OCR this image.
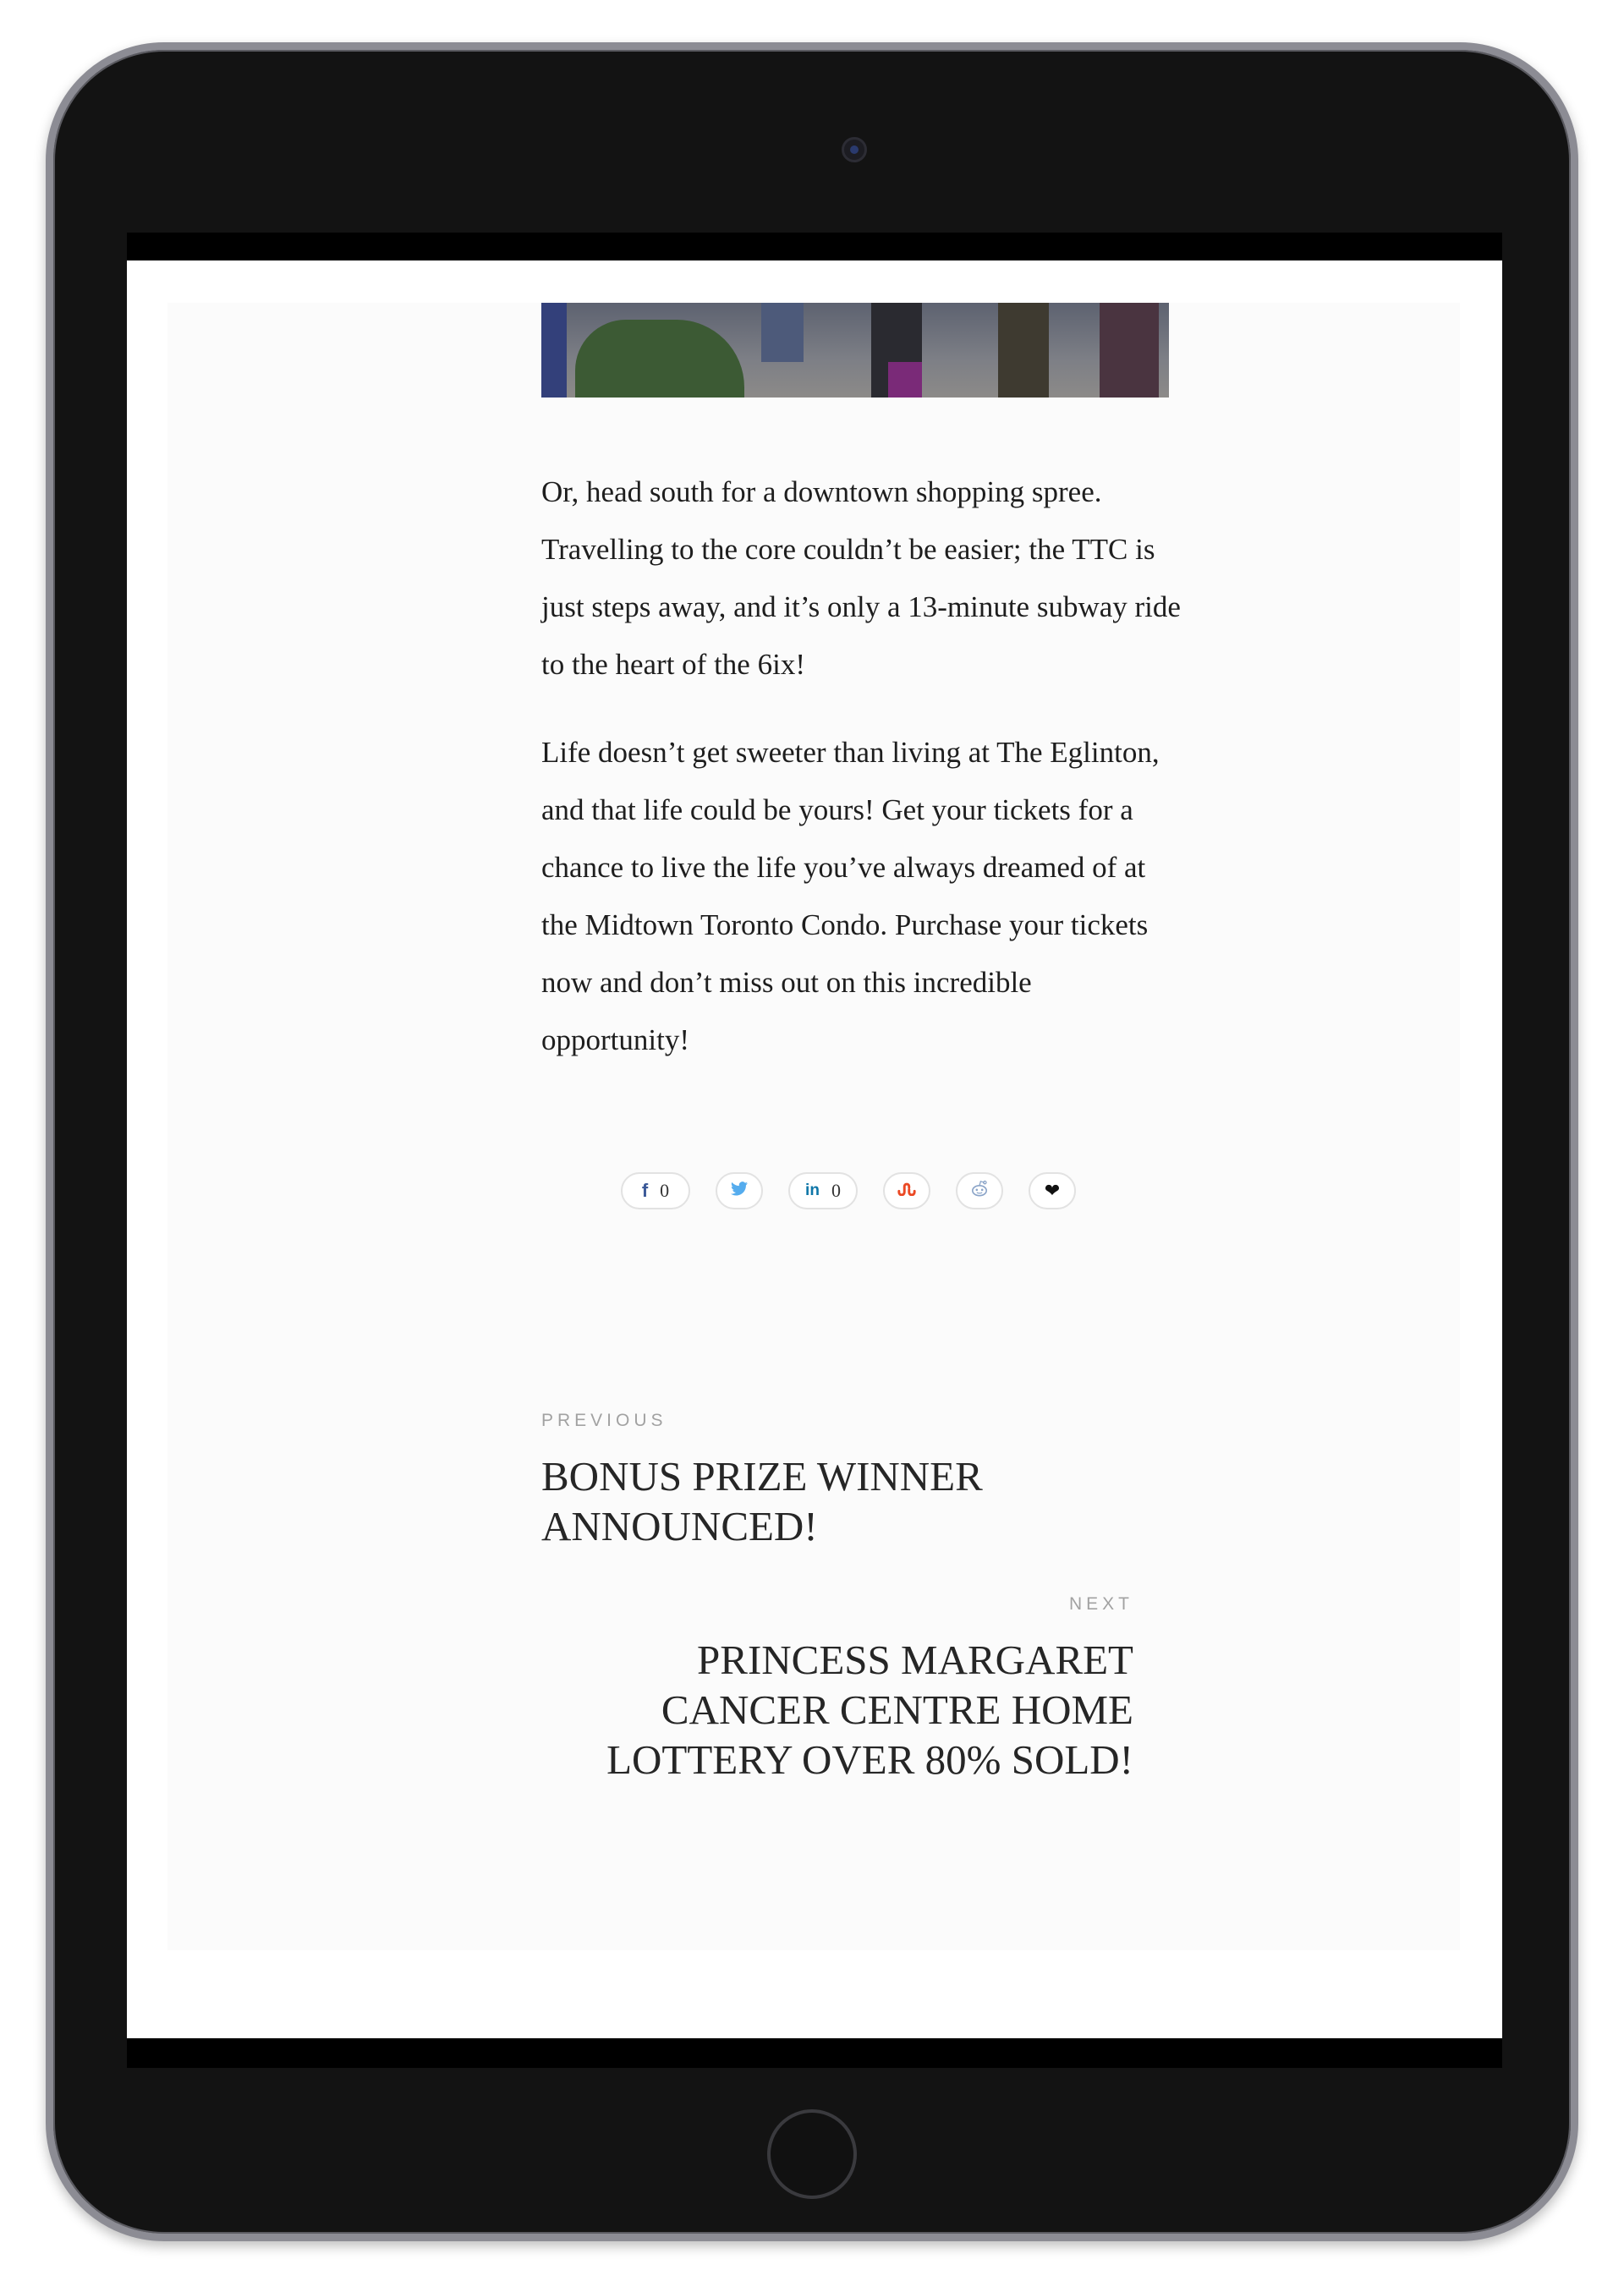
Or, head south for a downtown shopping spree. Travelling to the core couldn’t be easier; the TTC is just steps away, and it’s only a 13-minute subway ride to the heart of the 6ix!

Life doesn’t get sweeter than living at The Eglinton, and that life could be yours! Get your tickets for a chance to live the life you’ve always dreamed of at the Midtown Toronto Condo. Purchase your tickets now and don’t miss out on this incredible opportunity!

f 0	in 0	❤
PREVIOUS
BONUS PRIZE WINNER ANNOUNCED!
NEXT
PRINCESS MARGARET CANCER CENTRE HOME LOTTERY OVER 80% SOLD!
